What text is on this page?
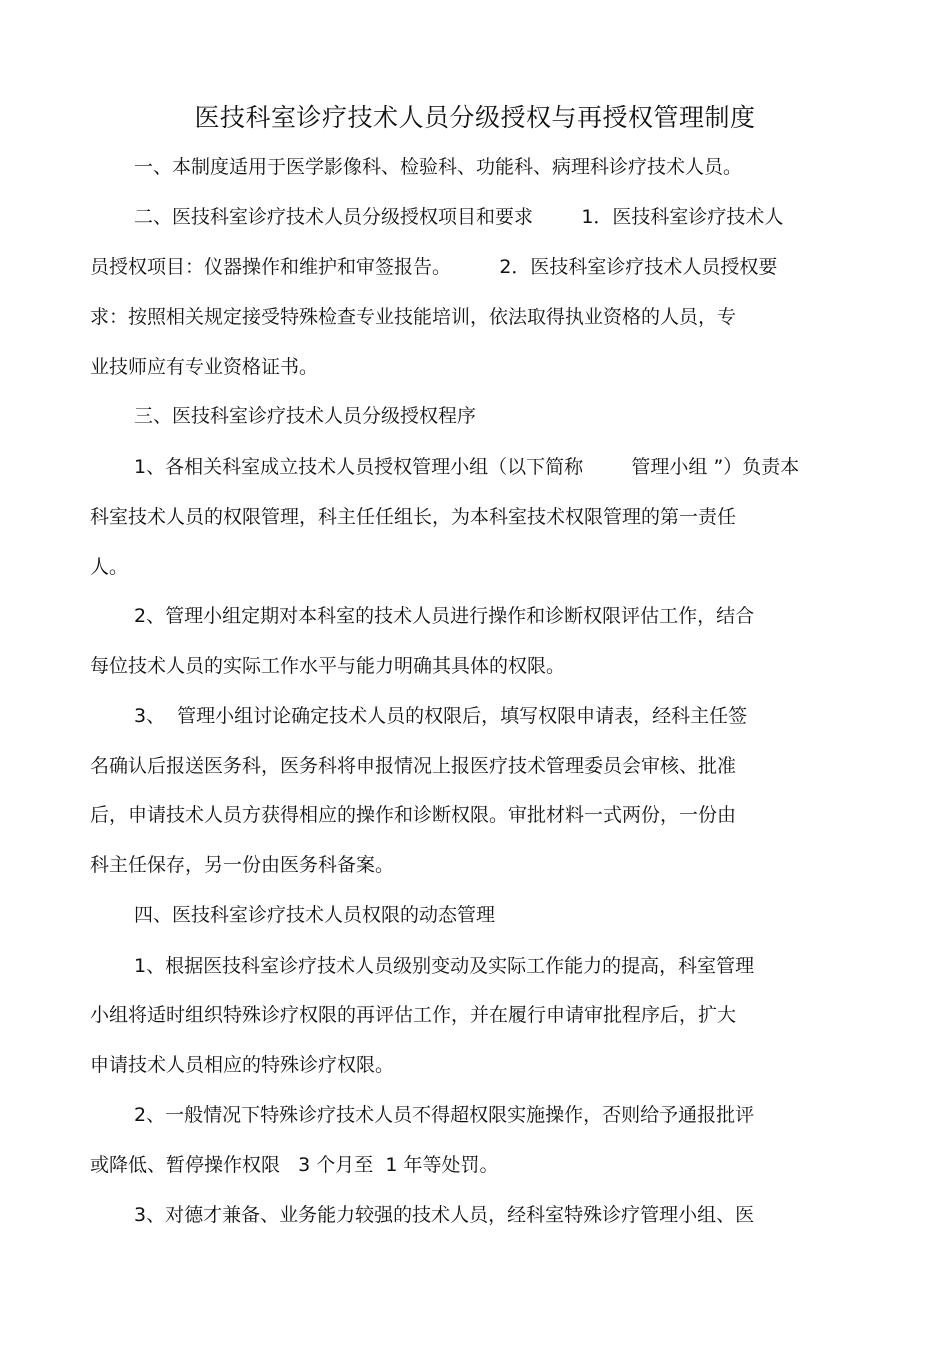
医技科室诊疗技术人员分级授权与再授权管理制度
一、本制度适用于医学影像科、检验科、功能科、病理科诊疗技术人员。
二、医技科室诊疗技术人员分级授权项目和要求        1．医技科室诊疗技术人
员授权项目：仪器操作和维护和审签报告。        2．医技科室诊疗技术人员授权要
求：按照相关规定接受特殊检查专业技能培训，依法取得执业资格的人员，专
业技师应有专业资格证书。
三、医技科室诊疗技术人员分级授权程序
1、各相关科室成立技术人员授权管理小组（以下简称        管理小组 ”）负责本
科室技术人员的权限管理，科主任任组长，为本科室技术权限管理的第一责任
人。
2、管理小组定期对本科室的技术人员进行操作和诊断权限评估工作，结合
每位技术人员的实际工作水平与能力明确其具体的权限。
3、  管理小组讨论确定技术人员的权限后，填写权限申请表，经科主任签
名确认后报送医务科，医务科将申报情况上报医疗技术管理委员会审核、批准
后，申请技术人员方获得相应的操作和诊断权限。审批材料一式两份，一份由
科主任保存，另一份由医务科备案。
四、医技科室诊疗技术人员权限的动态管理
1、根据医技科室诊疗技术人员级别变动及实际工作能力的提高，科室管理
小组将适时组织特殊诊疗权限的再评估工作，并在履行申请审批程序后，扩大
申请技术人员相应的特殊诊疗权限。
2、一般情况下特殊诊疗技术人员不得超权限实施操作，否则给予通报批评
或降低、暂停操作权限   3 个月至  1 年等处罚。
3、对德才兼备、业务能力较强的技术人员，经科室特殊诊疗管理小组、医
